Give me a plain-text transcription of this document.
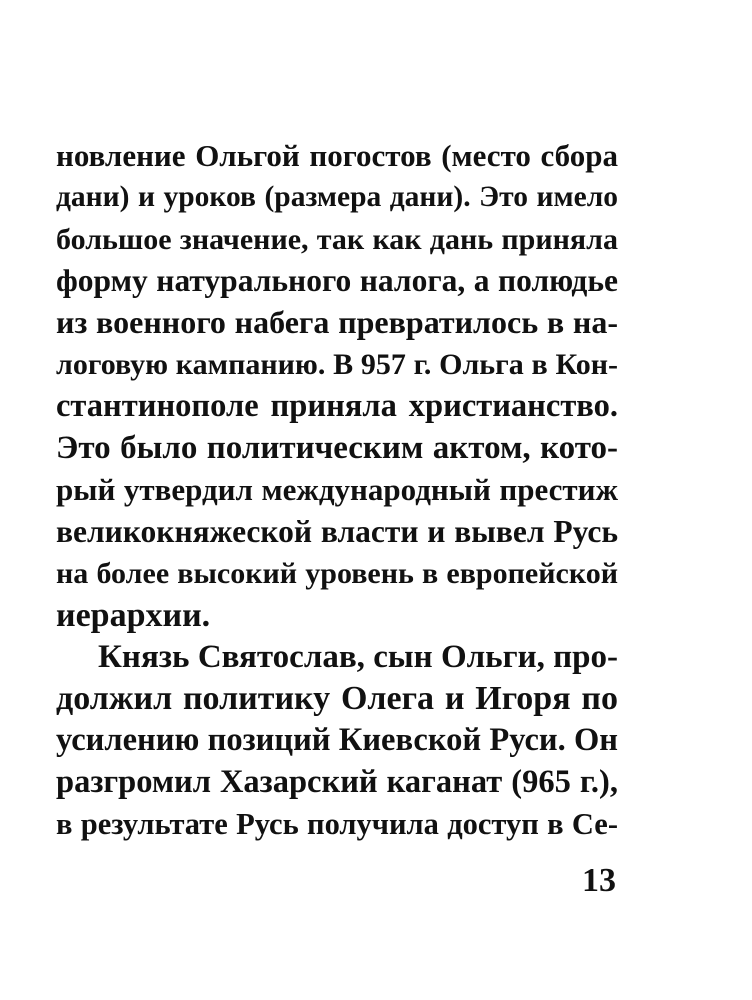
новление Ольгой погостов (место сбора
дани) и уроков (размера дани). Это имело
большое значение, так как дань приняла
форму натурального налога, а полюдье
из военного набега превратилось в на-
логовую кампанию. В 957 г. Ольга в Кон-
стантинополе приняла христианство.
Это было политическим актом, кото-
рый утвердил международный престиж
великокняжеской власти и вывел Русь
на более высокий уровень в европейской
иерархии.
Князь Святослав, сын Ольги, про-
должил политику Олега и Игоря по
усилению позиций Киевской Руси. Он
разгромил Хазарский каганат (965 г.),
в результате Русь получила доступ в Се-
13
